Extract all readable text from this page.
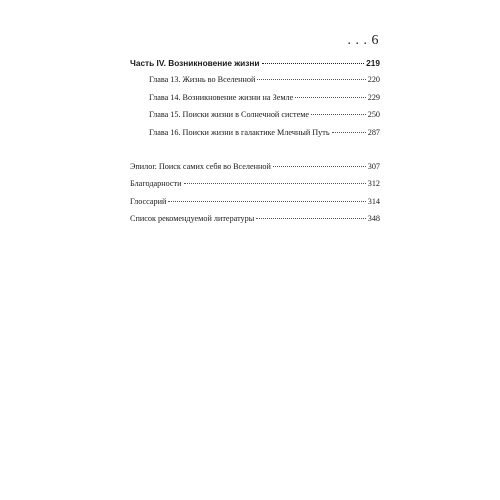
. . . 6
Часть IV. Возникновение жизни	219
Глава 13. Жизнь во Вселенной	220
Глава 14. Возникновение жизни на Земле	229
Глава 15. Поиски жизни в Солнечной системе	250
Глава 16. Поиски жизни в галактике Млечный Путь	287
Эпилог. Поиск самих себя во Вселенной	307
Благодарности	312
Глоссарий	314
Список рекомендуемой литературы	348
